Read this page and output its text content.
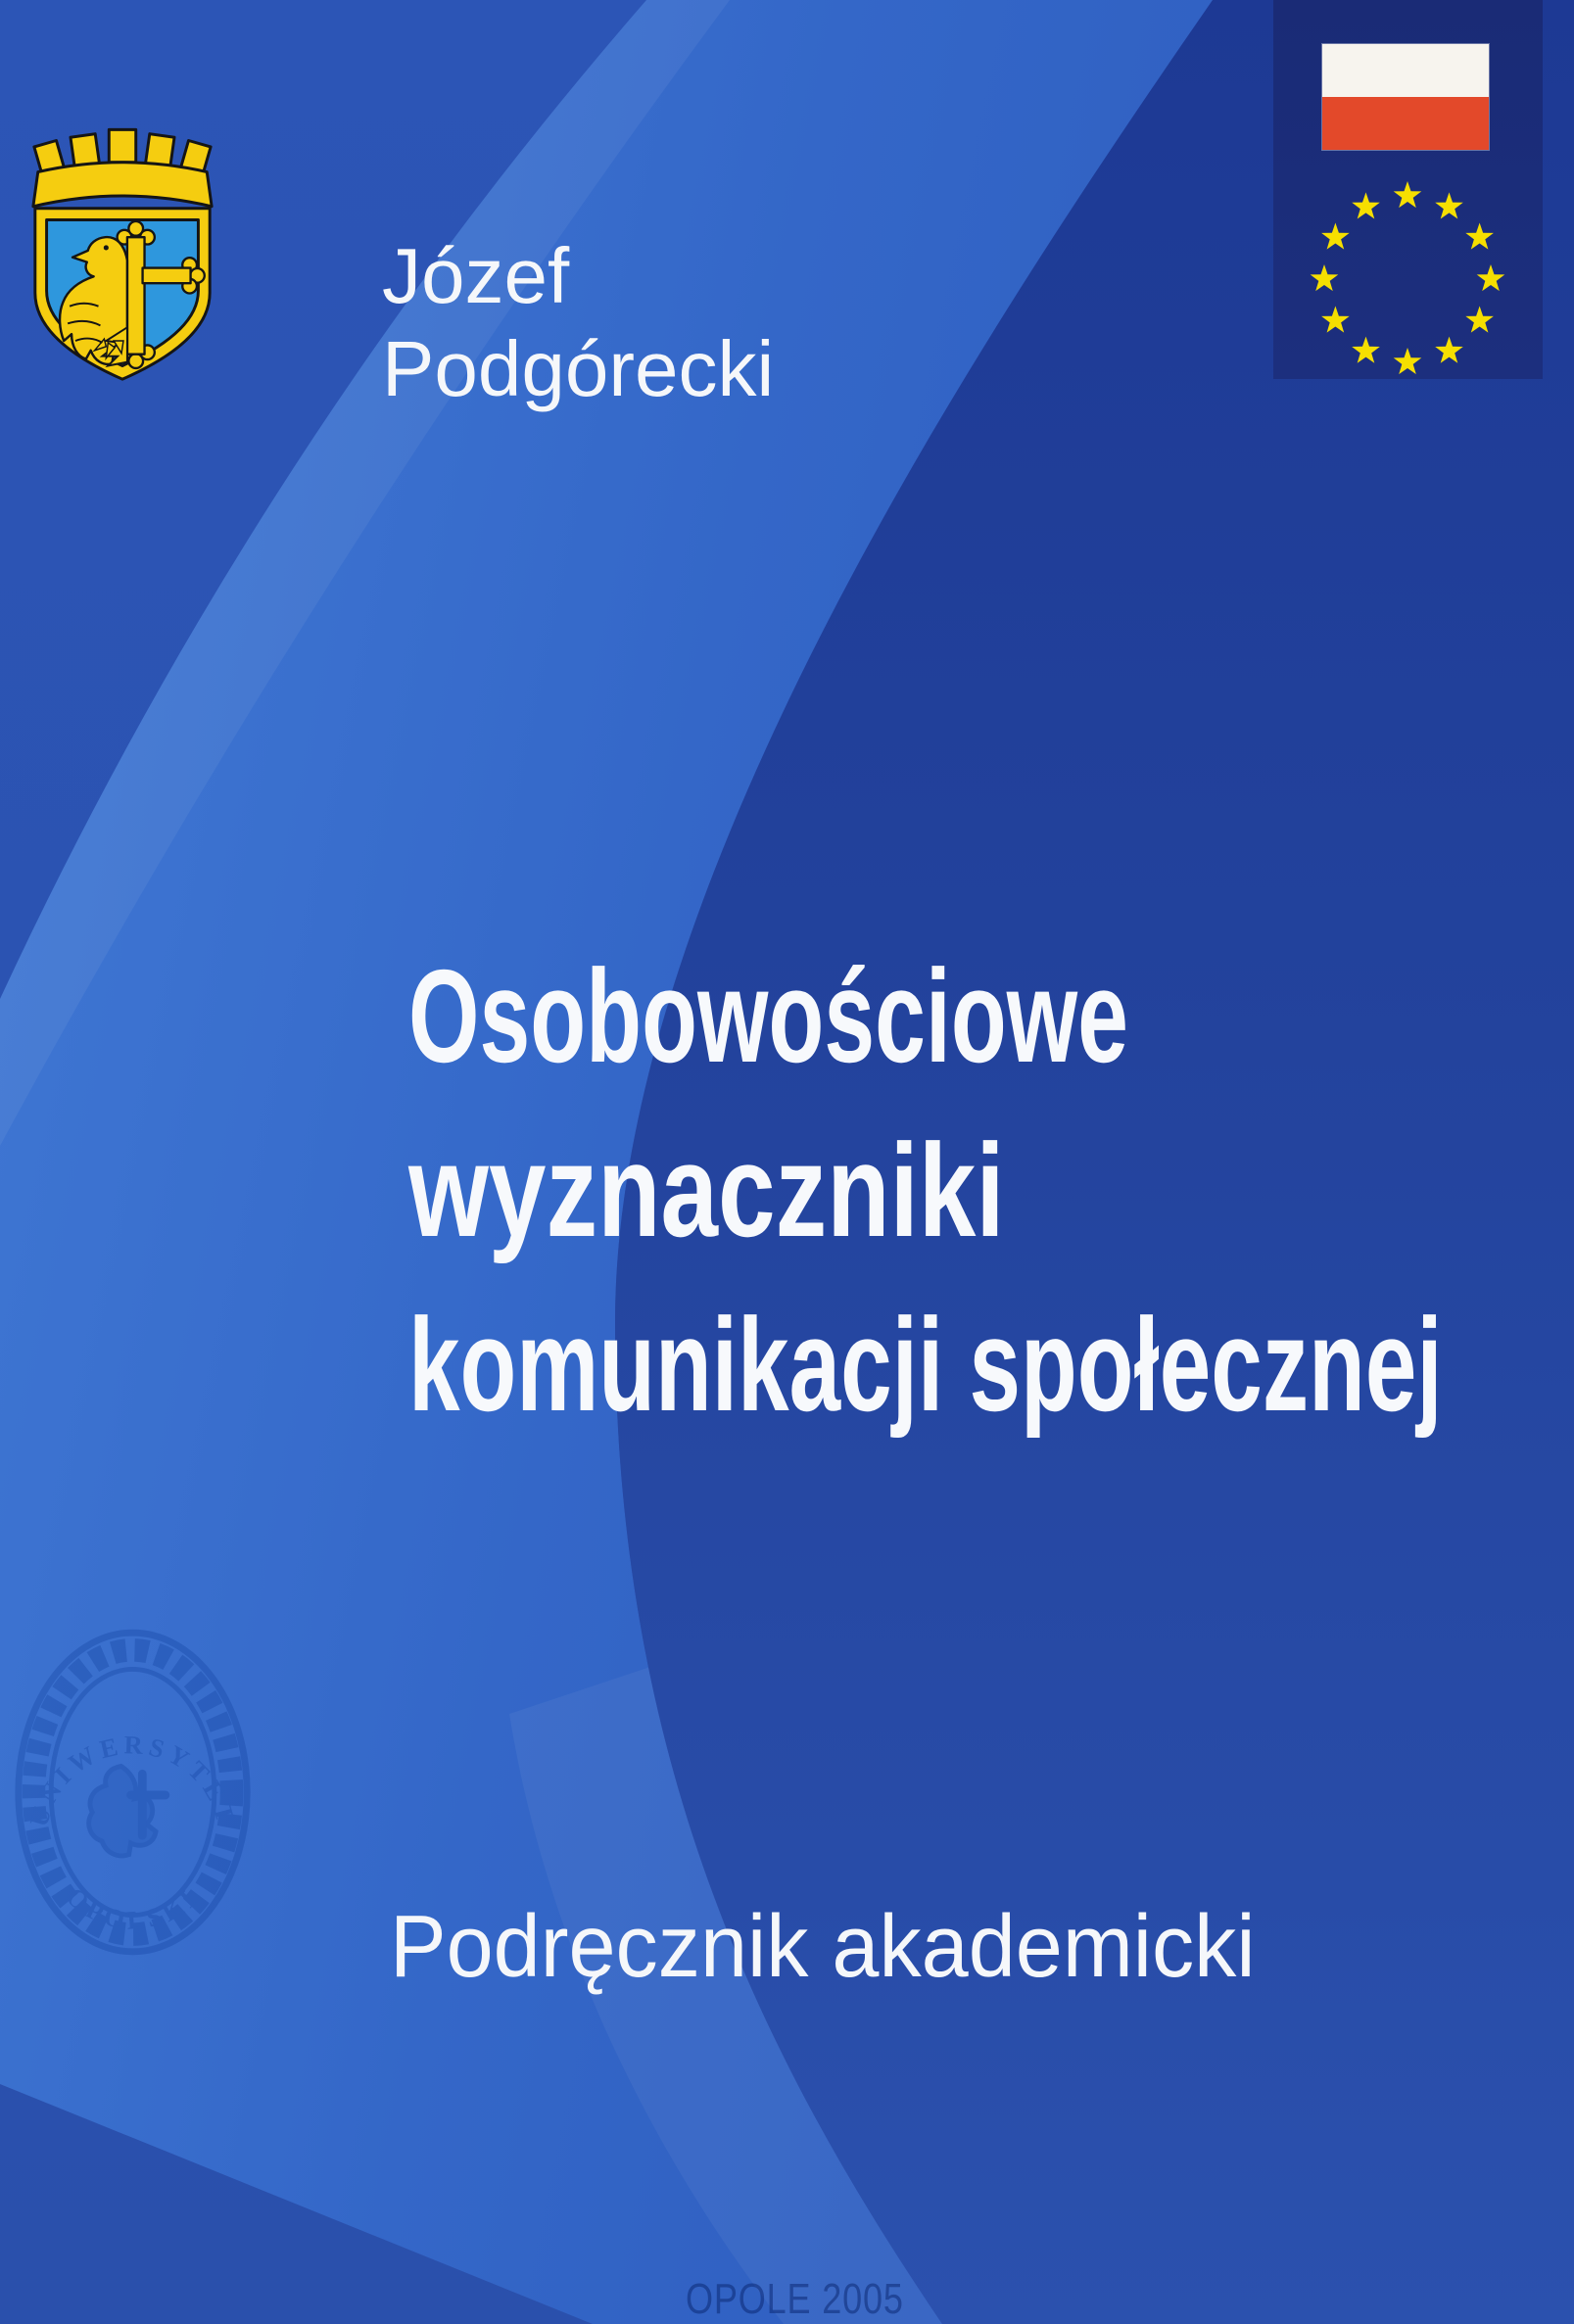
Józef
Podgórecki
Osobowościowe
wyznaczniki
komunikacji społecznej
UNIWERSYTET
OPOLSKI
Podręcznik akademicki
OPOLE 2005
